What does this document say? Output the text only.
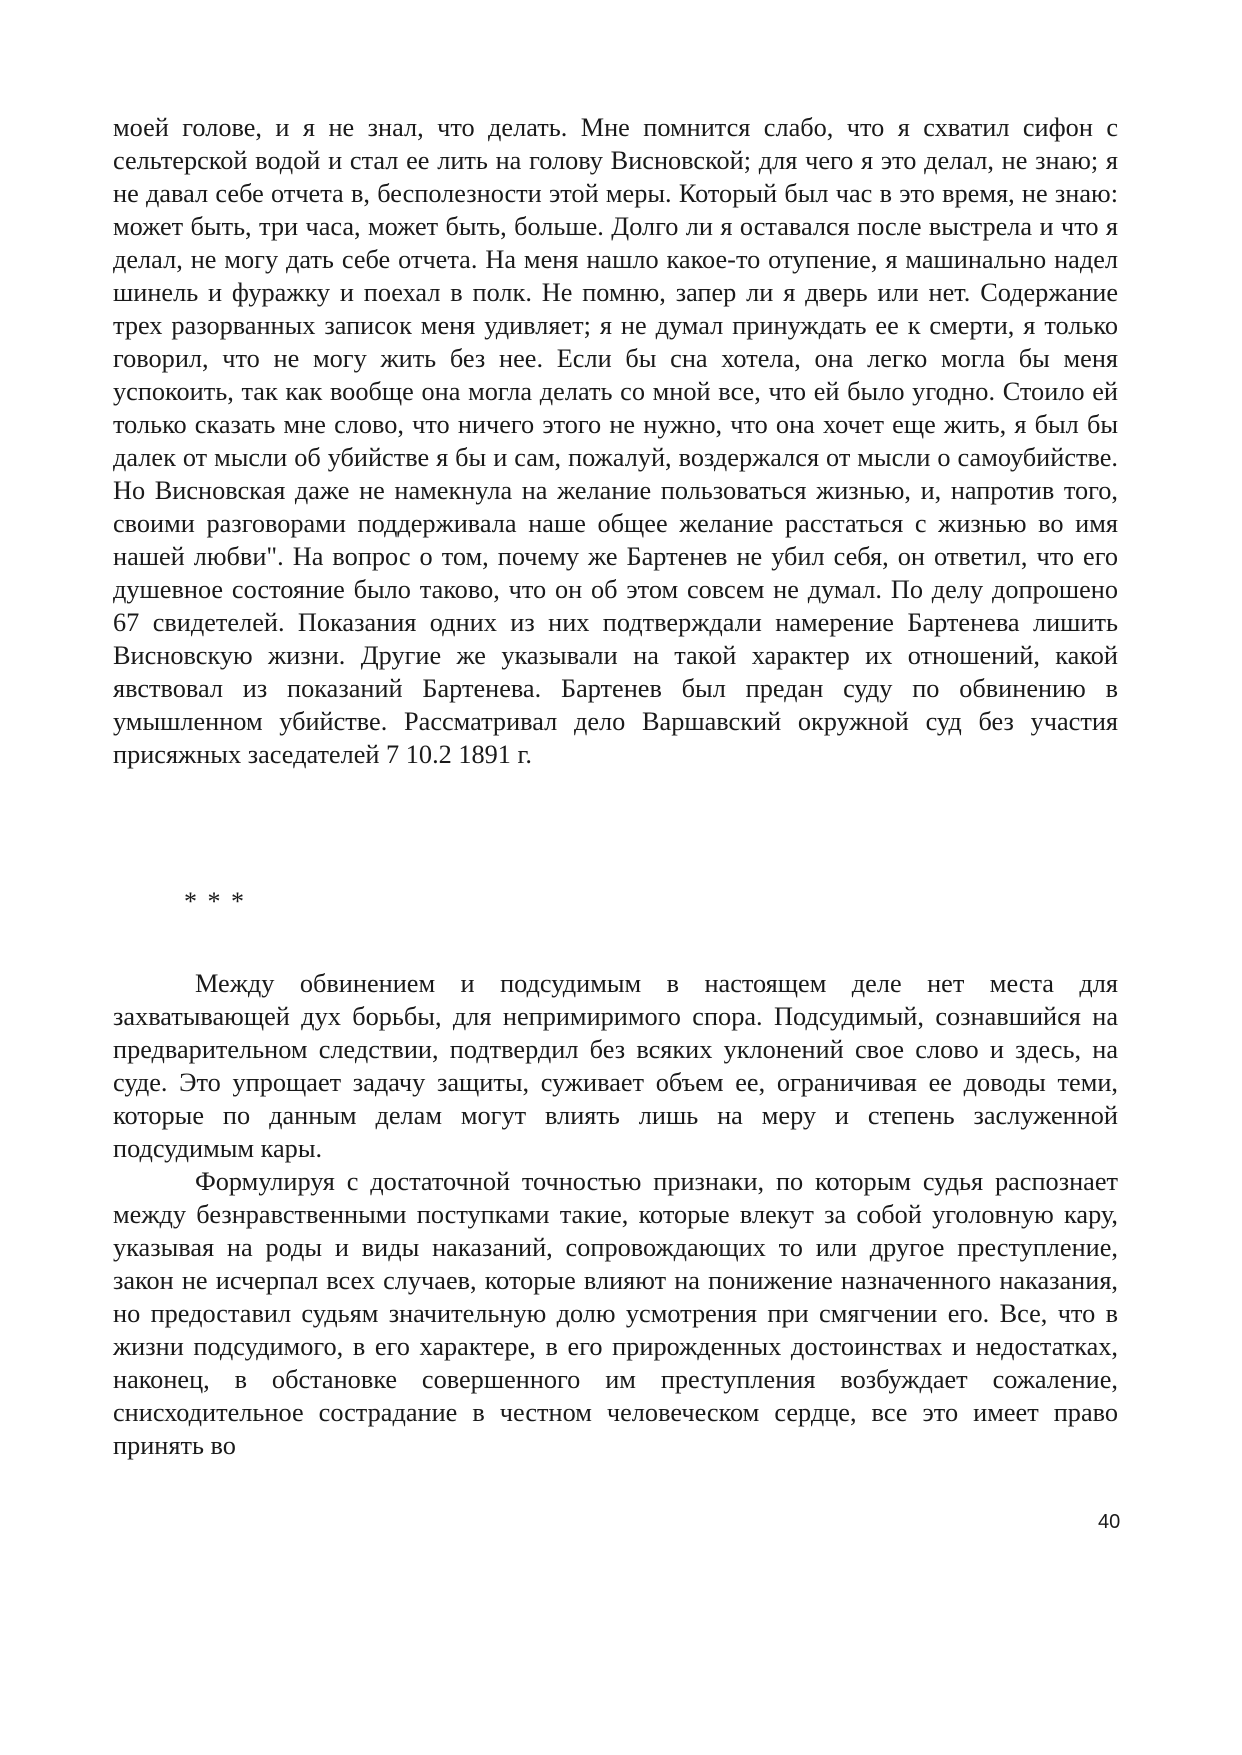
моей голове, и я не знал, что делать. Мне помнится слабо, что я схватил сифон с сельтерской водой и стал ее лить на голову Висновской; для чего я это делал, не знаю; я не давал себе отчета в, бесполезности этой меры. Который был час в это время, не знаю: может быть, три часа, может быть, больше. Долго ли я оставался после выстрела и что я делал, не могу дать себе отчета. На меня нашло какое-то отупение, я машинально надел шинель и фуражку и поехал в полк. Не помню, запер ли я дверь или нет. Содержание трех разорванных записок меня удивляет; я не думал принуждать ее к смерти, я только говорил, что не могу жить без нее. Если бы сна хотела, она легко могла бы меня успокоить, так как вообще она могла делать со мной все, что ей было угодно. Стоило ей только сказать мне слово, что ничего этого не нужно, что она хочет еще жить, я был бы далек от мысли об убийстве я бы и сам, пожалуй, воздержался от мысли о самоубийстве. Но Висновская даже не намекнула на желание пользоваться жизнью, и, напротив того, своими разговорами поддерживала наше общее желание расстаться с жизнью во имя нашей любви". На вопрос о том, почему же Бартенев не убил себя, он ответил, что его душевное состояние было таково, что он об этом совсем не думал. По делу допрошено 67 свидетелей. Показания одних из них подтверждали намерение Бартенева лишить Висновскую жизни. Другие же указывали на такой характер их отношений, какой явствовал из показаний Бартенева. Бартенев был предан суду по обвинению в умышленном убийстве. Рассматривал дело Варшавский окружной суд без участия присяжных заседателей 7 10.2 1891 г.

* * *

Между обвинением и подсудимым в настоящем деле нет места для захватывающей дух борьбы, для непримиримого спора. Подсудимый, сознавшийся на предварительном следствии, подтвердил без всяких уклонений свое слово и здесь, на суде. Это упрощает задачу защиты, суживает объем ее, ограничивая ее доводы теми, которые по данным делам могут влиять лишь на меру и степень заслуженной подсудимым кары.

Формулируя с достаточной точностью признаки, по которым судья распознает между безнравственными поступками такие, которые влекут за собой уголовную кару, указывая на роды и виды наказаний, сопровождающих то или другое преступление, закон не исчерпал всех случаев, которые влияют на понижение назначенного наказания, но предоставил судьям значительную долю усмотрения при смягчении его. Все, что в жизни подсудимого, в его характере, в его прирожденных достоинствах и недостатках, наконец, в обстановке совершенного им преступления возбуждает сожаление, снисходительное сострадание в честном человеческом сердце, все это имеет право принять во

40
